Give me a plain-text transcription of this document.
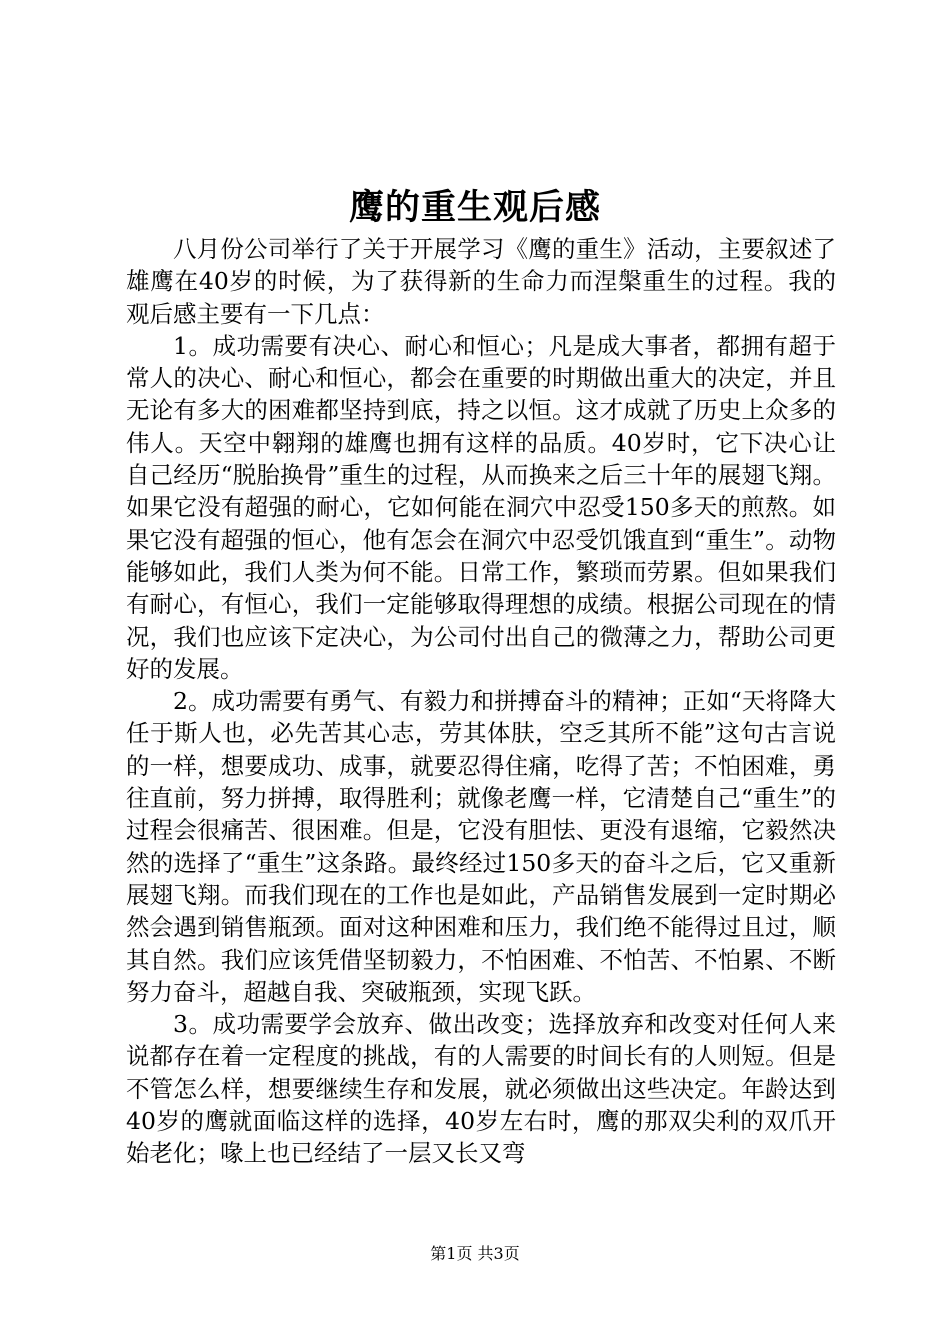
鹰的重生观后感

八月份公司举行了关于开展学习《鹰的重生》活动，主要叙述了雄鹰在40岁的时候，为了获得新的生命力而涅槃重生的过程。我的观后感主要有一下几点：

1。成功需要有决心、耐心和恒心；凡是成大事者，都拥有超于常人的决心、耐心和恒心，都会在重要的时期做出重大的决定，并且无论有多大的困难都坚持到底，持之以恒。这才成就了历史上众多的伟人。天空中翱翔的雄鹰也拥有这样的品质。40岁时，它下决心让自己经历“脱胎换骨”重生的过程，从而换来之后三十年的展翅飞翔。如果它没有超强的耐心，它如何能在洞穴中忍受150多天的煎熬。如果它没有超强的恒心，他有怎会在洞穴中忍受饥饿直到“重生”。动物能够如此，我们人类为何不能。日常工作，繁琐而劳累。但如果我们有耐心，有恒心，我们一定能够取得理想的成绩。根据公司现在的情况，我们也应该下定决心，为公司付出自己的微薄之力，帮助公司更好的发展。

2。成功需要有勇气、有毅力和拼搏奋斗的精神；正如“天将降大任于斯人也，必先苦其心志，劳其体肤，空乏其所不能”这句古言说的一样，想要成功、成事，就要忍得住痛，吃得了苦；不怕困难，勇往直前，努力拼搏，取得胜利；就像老鹰一样，它清楚自己“重生”的过程会很痛苦、很困难。但是，它没有胆怯、更没有退缩，它毅然决然的选择了“重生”这条路。最终经过150多天的奋斗之后，它又重新展翅飞翔。而我们现在的工作也是如此，产品销售发展到一定时期必然会遇到销售瓶颈。面对这种困难和压力，我们绝不能得过且过，顺其自然。我们应该凭借坚韧毅力，不怕困难、不怕苦、不怕累、不断努力奋斗，超越自我、突破瓶颈，实现飞跃。

3。成功需要学会放弃、做出改变；选择放弃和改变对任何人来说都存在着一定程度的挑战，有的人需要的时间长有的人则短。但是不管怎么样，想要继续生存和发展，就必须做出这些决定。年龄达到40岁的鹰就面临这样的选择，40岁左右时，鹰的那双尖利的双爪开始老化；喙上也已经结了一层又长又弯

第1页 共3页
